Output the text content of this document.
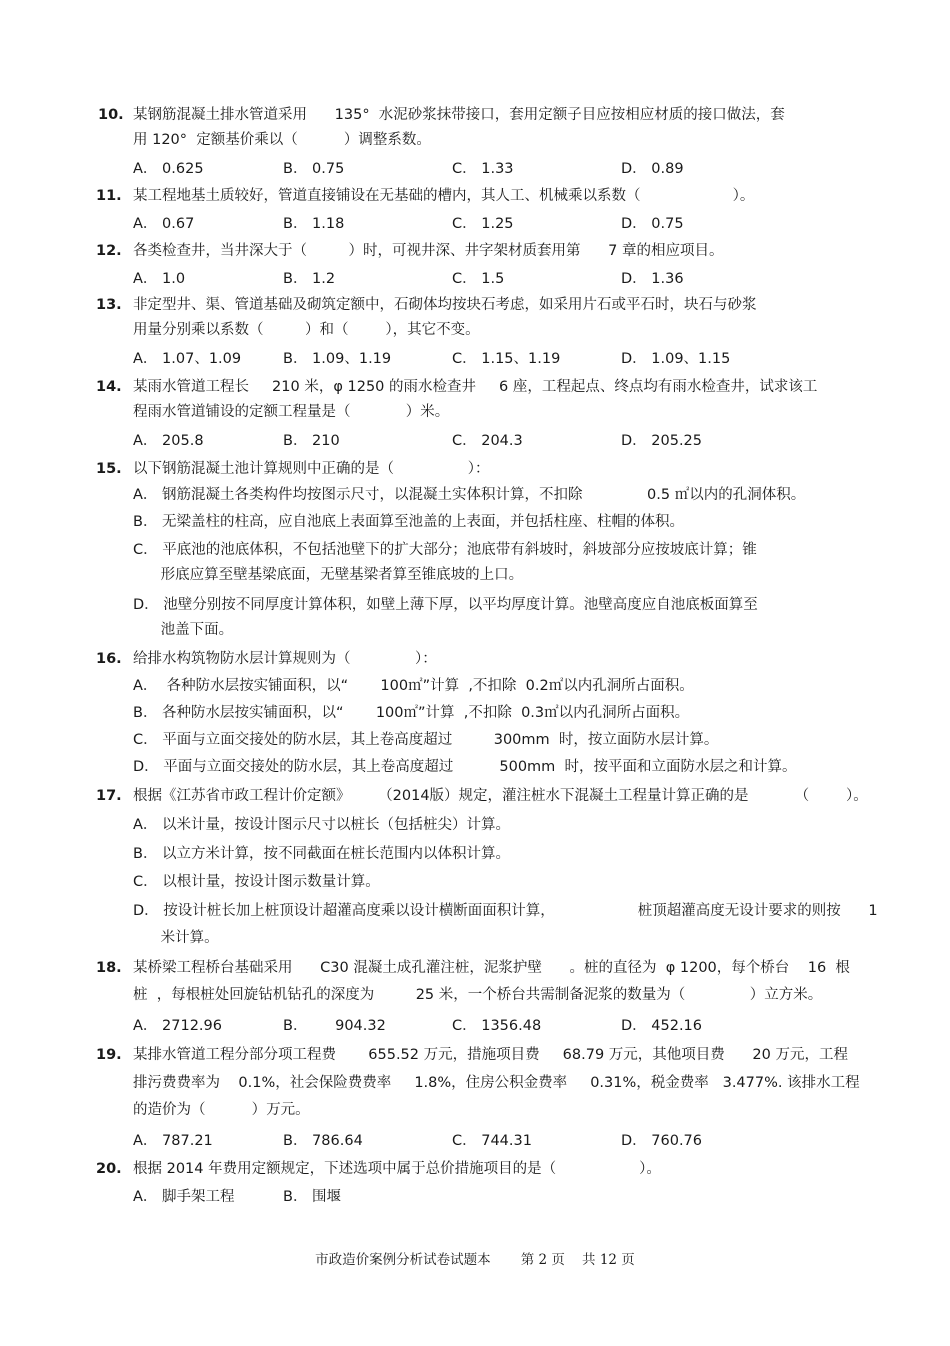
10. 某钢筋混凝土排水管道采用      135°  水泥砂浆抹带接口，套用定额子目应按相应材质的接口做法，套
用 120°  定额基价乘以（          ）调整系数。
A． 0.625	B． 0.75	C． 1.33	D． 0.89
11. 某工程地基土质较好，管道直接铺设在无基础的槽内，其人工、机械乘以系数（                    ）。
A． 0.67	B． 1.18	C． 1.25	D． 0.75
12. 各类检查井，当井深大于（         ）时，可视井深、井字架材质套用第      7 章的相应项目。
A． 1.0	B． 1.2	C． 1.5	D． 1.36
13. 非定型井、渠、管道基础及砌筑定额中，石砌体均按块石考虑，如采用片石或平石时，块石与砂浆
用量分别乘以系数（         ）和（        ），其它不变。
A． 1.07、1.09	B． 1.09、1.19	C． 1.15、1.19	D． 1.09、1.15
14. 某雨水管道工程长     210 米，φ 1250 的雨水检查井     6 座，工程起点、终点均有雨水检查井，试求该工
程雨水管道铺设的定额工程量是（            ）米。
A． 205.8	B． 210	C． 204.3	D． 205.25
15. 以下钢筋混凝土池计算规则中正确的是（                ）：
A． 钢筋混凝土各类构件均按图示尺寸，以混凝土实体积计算，不扣除              0.5 ㎡以内的孔洞体积。
B． 无梁盖柱的柱高，应自池底上表面算至池盖的上表面，并包括柱座、柱帽的体积。
C． 平底池的池底体积，不包括池壁下的扩大部分；池底带有斜坡时，斜坡部分应按坡底计算；锥
形底应算至壁基梁底面，无壁基梁者算至锥底坡的上口。
D． 池壁分别按不同厚度计算体积，如壁上薄下厚，以平均厚度计算。池壁高度应自池底板面算至
池盖下面。
16. 给排水构筑物防水层计算规则为（              ）：
A．  各种防水层按实铺面积，以“       100㎡”计算  ,不扣除  0.2㎡以内孔洞所占面积。
B． 各种防水层按实铺面积，以“       100㎡”计算  ,不扣除  0.3㎡以内孔洞所占面积。
C． 平面与立面交接处的防水层，其上卷高度超过         300mm  时，按立面防水层计算。
D． 平面与立面交接处的防水层，其上卷高度超过          500mm  时，按平面和立面防水层之和计算。
17. 根据《江苏省市政工程计价定额》      （2014版）规定，灌注桩水下混凝土工程量计算正确的是          （        ）。
A． 以米计量，按设计图示尺寸以桩长（包括桩尖）计算。
B． 以立方米计算，按不同截面在桩长范围内以体积计算。
C． 以根计量，按设计图示数量计算。
D． 按设计桩长加上桩顶设计超灌高度乘以设计横断面面积计算，                  桩顶超灌高度无设计要求的则按      1
米计算。
18. 某桥梁工程桥台基础采用      C30 混凝土成孔灌注桩，泥浆护壁      。桩的直径为  φ 1200，每个桥台    16  根
桩  ，每根桩处回旋钻机钻孔的深度为         25 米，一个桥台共需制备泥浆的数量为（              ）立方米。
A． 2712.96	B．      904.32	C． 1356.48	D． 452.16
19. 某排水管道工程分部分项工程费       655.52 万元，措施项目费     68.79 万元，其他项目费      20 万元，工程
排污费费率为    0.1%，社会保险费费率     1.8%，住房公积金费率     0.31%，税金费率   3.477%. 该排水工程
的造价为（          ）万元。
A． 787.21	B． 786.64	C． 744.31	D． 760.76
20. 根据 2014 年费用定额规定，下述选项中属于总价措施项目的是（                  ）。
A． 脚手架工程	B． 围堰
市政造价案例分析试卷试题本       第 2 页    共 12 页
